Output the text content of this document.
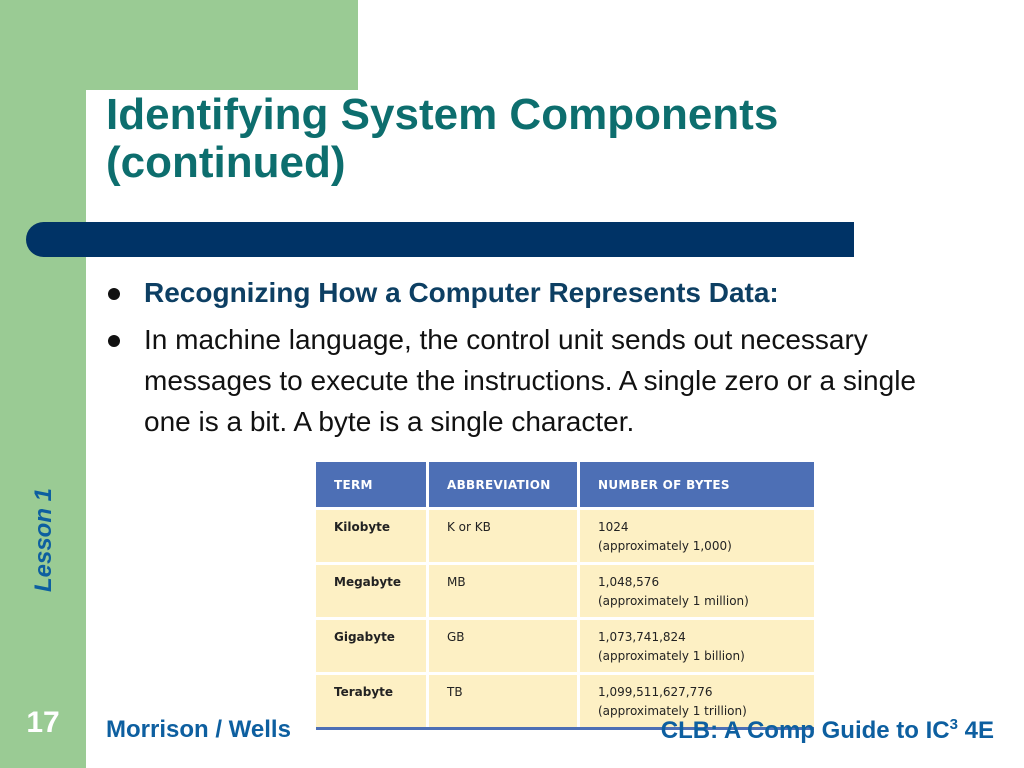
Identifying System Components
(continued)
Recognizing How a Computer Represents Data:
In machine language, the control unit sends out necessary messages to execute the instructions. A single zero or a single one is a bit. A byte is a single character.
TERM	ABBREVIATION	NUMBER OF BYTES
Kilobyte	K or KB	1024
(approximately 1,000)

Megabyte	MB	1,048,576
(approximately 1 million)

Gigabyte	GB	1,073,741,824
(approximately 1 billion)

Terabyte	TB	1,099,511,627,776
(approximately 1 trillion)
Lesson 1
17	Morrison / Wells	CLB: A Comp Guide to $IC^3$ 4E
